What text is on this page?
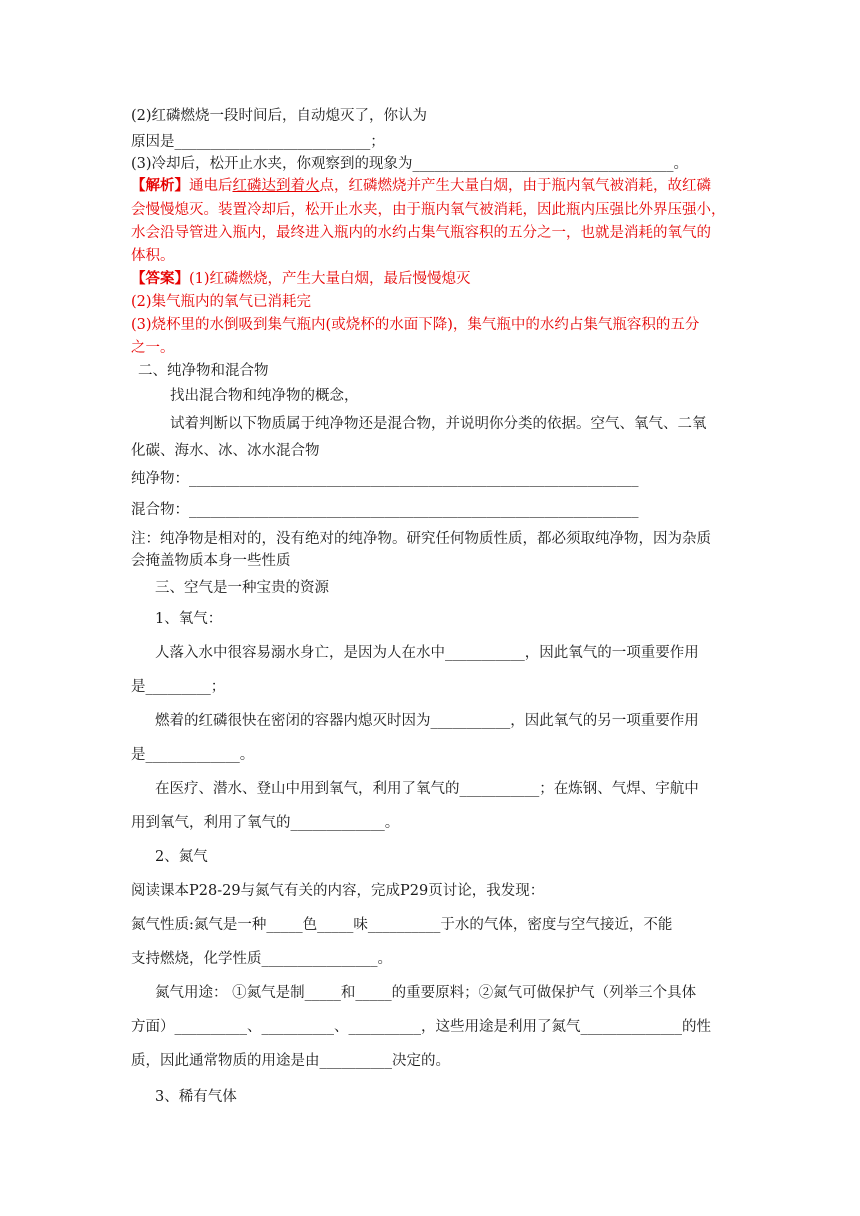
(2)红磷燃烧一段时间后，自动熄灭了，你认为
原因是___________________________；
(3)冷却后，松开止水夹，你观察到的现象为____________________________________。
【解析】通电后红磷达到着火点，红磷燃烧并产生大量白烟，由于瓶内氧气被消耗，故红磷
会慢慢熄灭。装置冷却后，松开止水夹，由于瓶内氧气被消耗，因此瓶内压强比外界压强小，
水会沿导管进入瓶内，最终进入瓶内的水约占集气瓶容积的五分之一，也就是消耗的氧气的
体积。
【答案】(1)红磷燃烧，产生大量白烟，最后慢慢熄灭
(2)集气瓶内的氧气已消耗完
(3)烧杯里的水倒吸到集气瓶内(或烧杯的水面下降)，集气瓶中的水约占集气瓶容积的五分
之一。
二、纯净物和混合物
找出混合物和纯净物的概念，
试着判断以下物质属于纯净物还是混合物，并说明你分类的依据。空气、氧气、二氧
化碳、海水、冰、冰水混合物
纯净物：______________________________________________________________
混合物：______________________________________________________________
注：纯净物是相对的，没有绝对的纯净物。研究任何物质性质，都必须取纯净物，因为杂质
会掩盖物质本身一些性质
三、空气是一种宝贵的资源
1、氧气：
人落入水中很容易溺水身亡，是因为人在水中___________，因此氧气的一项重要作用
是_________；
燃着的红磷很快在密闭的容器内熄灭时因为___________，因此氧气的另一项重要作用
是_____________。
在医疗、潜水、登山中用到氧气，利用了氧气的___________；在炼钢、气焊、宇航中
用到氧气，利用了氧气的_____________。
2、氮气
阅读课本P28-29与氮气有关的内容，完成P29页讨论，我发现：
氮气性质:氮气是一种_____色_____味__________于水的气体，密度与空气接近，不能
支持燃烧，化学性质________________。
氮气用途： ①氮气是制_____和_____的重要原料；②氮气可做保护气（列举三个具体
方面）__________、__________、__________，这些用途是利用了氮气______________的性
质，因此通常物质的用途是由__________决定的。
3、稀有气体
